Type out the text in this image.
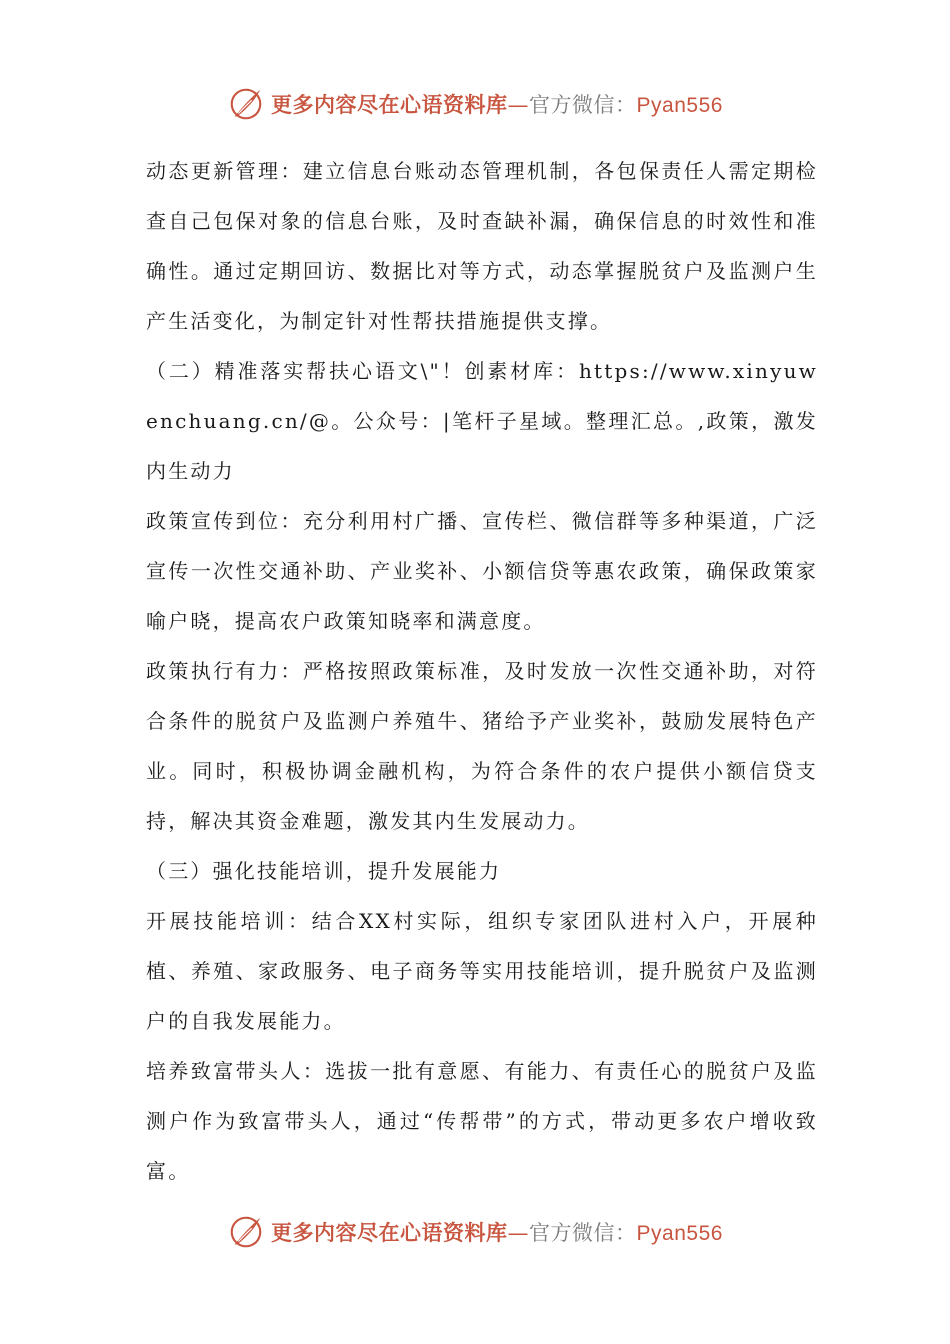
更多内容尽在心语资料库—官方微信：Pyan556

动态更新管理：建立信息台账动态管理机制，各包保责任人需定期检查自己包保对象的信息台账，及时查缺补漏，确保信息的时效性和准确性。通过定期回访、数据比对等方式，动态掌握脱贫户及监测户生产生活变化，为制定针对性帮扶措施提供支撑。

（二）精准落实帮扶心语文\"！创素材库：https://www.xinyuwenchuang.cn/@。公众号：|笔杆子星域。整理汇总。,政策，激发内生动力

政策宣传到位：充分利用村广播、宣传栏、微信群等多种渠道，广泛宣传一次性交通补助、产业奖补、小额信贷等惠农政策，确保政策家喻户晓，提高农户政策知晓率和满意度。

政策执行有力：严格按照政策标准，及时发放一次性交通补助，对符合条件的脱贫户及监测户养殖牛、猪给予产业奖补，鼓励发展特色产业。同时，积极协调金融机构，为符合条件的农户提供小额信贷支持，解决其资金难题，激发其内生发展动力。

（三）强化技能培训，提升发展能力

开展技能培训：结合XX村实际，组织专家团队进村入户，开展种植、养殖、家政服务、电子商务等实用技能培训，提升脱贫户及监测户的自我发展能力。

培养致富带头人：选拔一批有意愿、有能力、有责任心的脱贫户及监测户作为致富带头人，通过“传帮带”的方式，带动更多农户增收致富。

更多内容尽在心语资料库—官方微信：Pyan556
